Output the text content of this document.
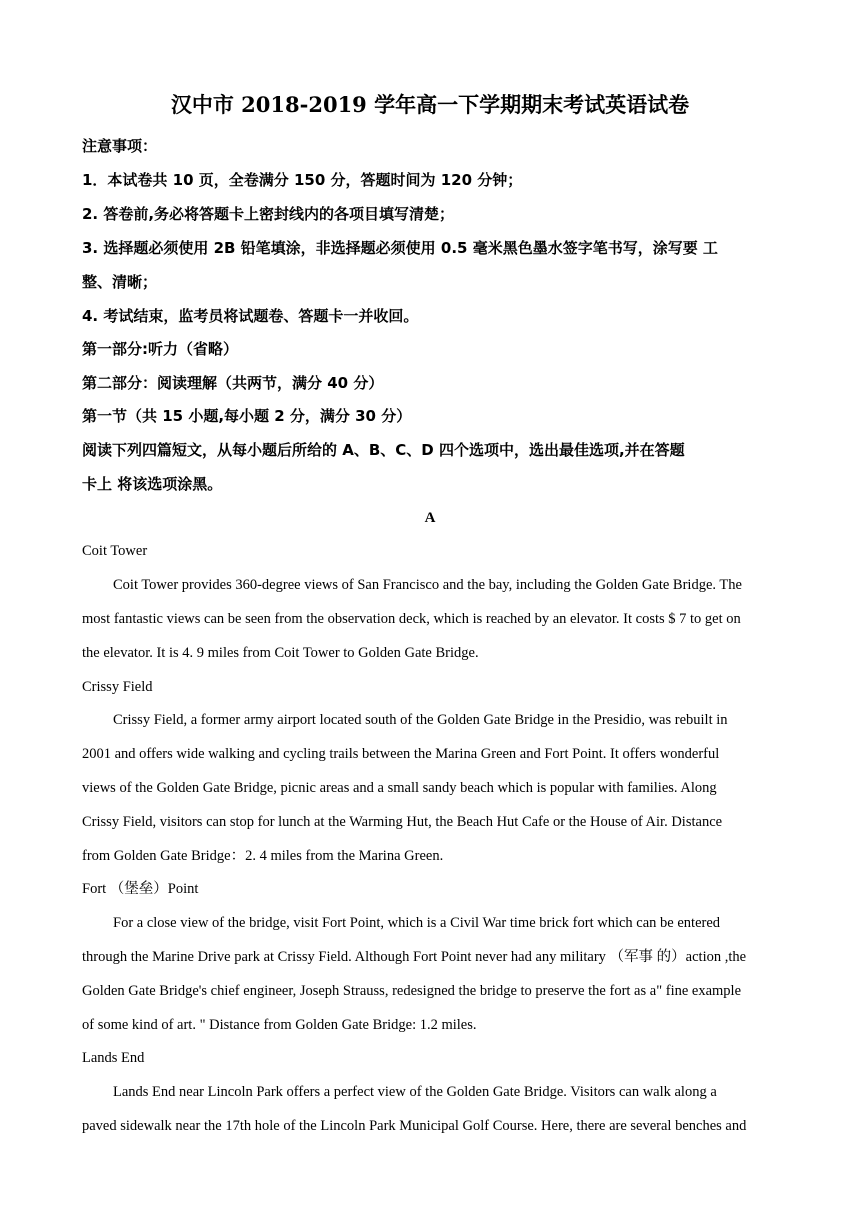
汉中市 2018-2019 学年高一下学期期末考试英语试卷
注意事项：
1．本试卷共 10 页，全卷满分 150 分，答题时间为 120 分钟；
2. 答卷前,务必将答题卡上密封线内的各项目填写清楚；
3. 选择题必须使用 2B 铅笔填涂，非选择题必须使用 0.5 毫米黑色墨水签字笔书写，涂写要 工
整、清晰；
4. 考试结束，监考员将试题卷、答题卡一并收回。
第一部分:听力（省略）
第二部分：阅读理解（共两节，满分 40 分）
第一节（共 15 小题,每小题 2 分，满分 30 分）
阅读下列四篇短文，从每小题后所给的 A、B、C、D 四个选项中，选出最佳选项,并在答题
卡上 将该选项涂黑。
A
Coit Tower
Coit Tower provides 360-degree views of San Francisco and the bay, including the Golden Gate Bridge. The
most fantastic views can be seen from the observation deck, which is reached by an elevator. It costs $ 7 to get on
the elevator. It is 4. 9 miles from Coit Tower to Golden Gate Bridge.
Crissy Field
Crissy Field, a former army airport located south of the Golden Gate Bridge in the Presidio, was rebuilt in
2001 and offers wide walking and cycling trails between the Marina Green and Fort Point. It offers wonderful
views of the Golden Gate Bridge, picnic areas and a small sandy beach which is popular with families. Along
Crissy Field, visitors can stop for lunch at the Warming Hut, the Beach Hut Cafe or the House of Air. Distance
from Golden Gate Bridge：2. 4 miles from the Marina Green.
Fort （堡垒）Point
For a close view of the bridge, visit Fort Point, which is a Civil War time brick fort which can be entered
through the Marine Drive park at Crissy Field. Although Fort Point never had any military （军事 的）action ,the
Golden Gate Bridge's chief engineer, Joseph Strauss, redesigned the bridge to preserve the fort as a" fine example
of some kind of art. " Distance from Golden Gate Bridge: 1.2 miles.
Lands End
Lands End near Lincoln Park offers a perfect view of the Golden Gate Bridge. Visitors can walk along a
paved sidewalk near the 17th hole of the Lincoln Park Municipal Golf Course. Here, there are several benches and
